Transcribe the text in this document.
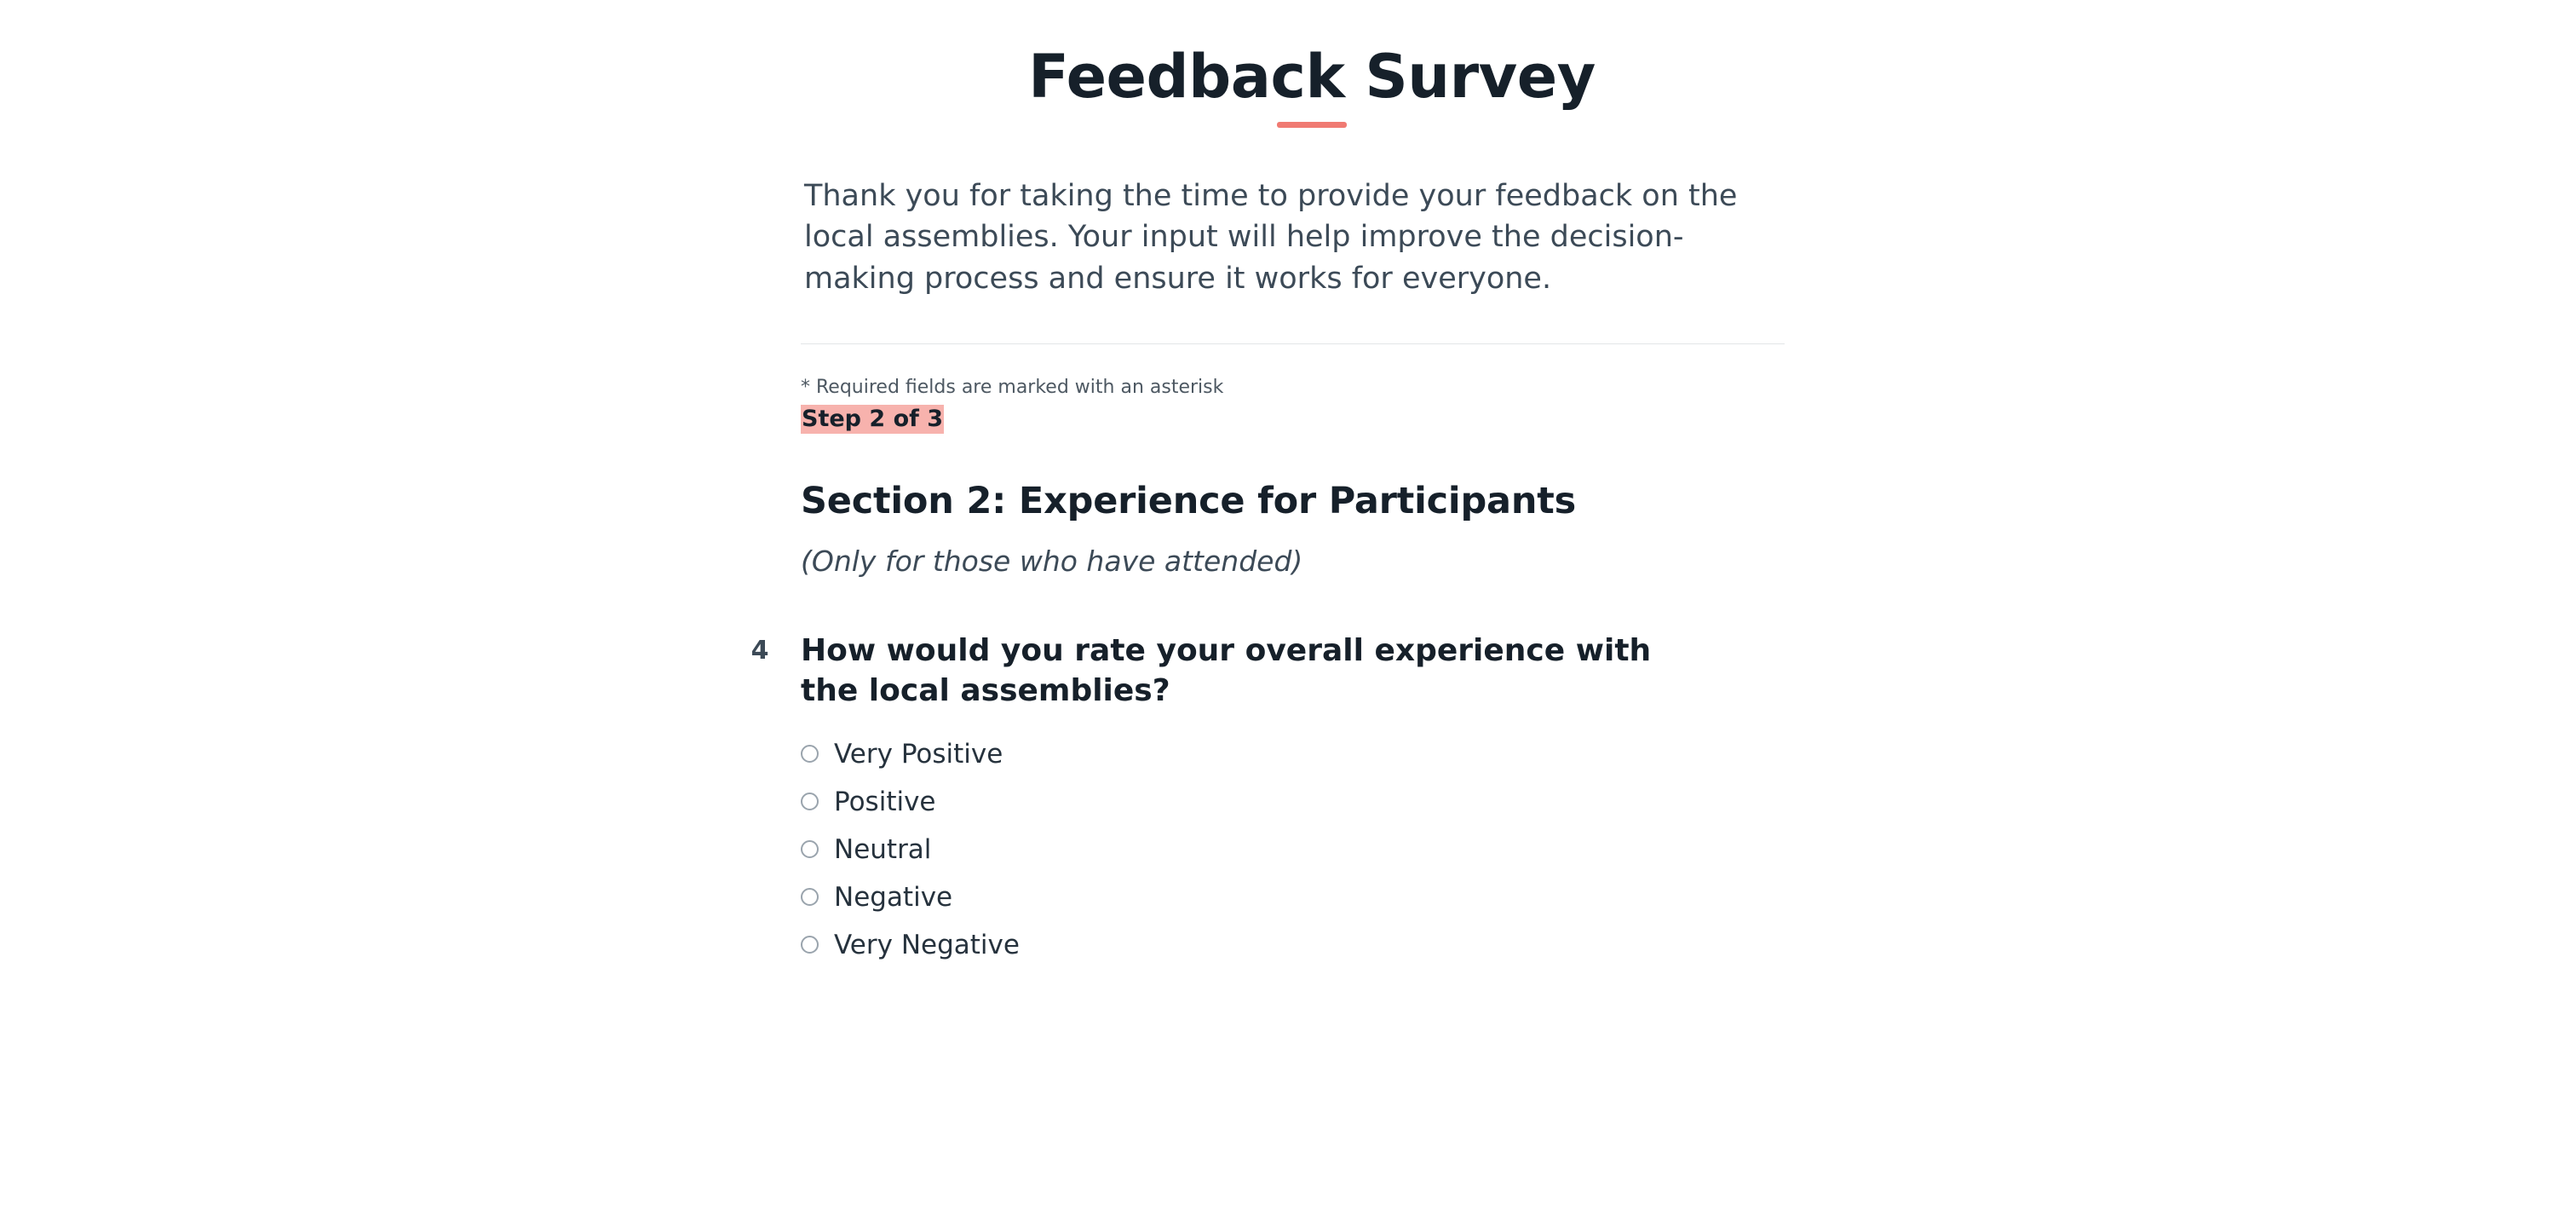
Feedback Survey
Thank you for taking the time to provide your feedback on the local assemblies. Your input will help improve the decision-making process and ensure it works for everyone.
* Required fields are marked with an asterisk
Step 2 of 3
Section 2: Experience for Participants
(Only for those who have attended)
4	How would you rate your overall experience with the local assemblies?
Very Positive
Positive
Neutral
Negative
Very Negative
